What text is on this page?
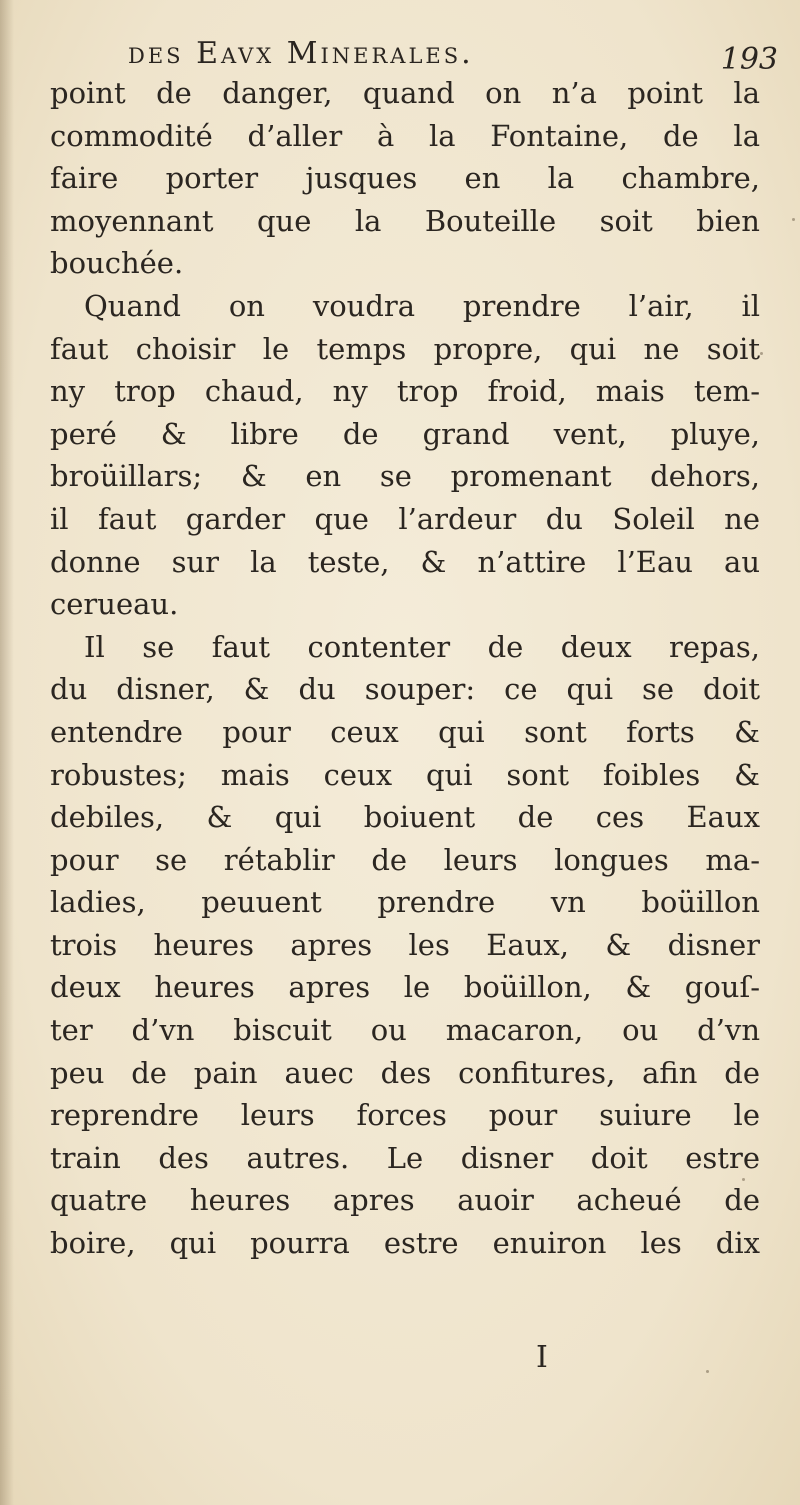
des Eavx Minerales.	193
point de danger, quand on n’a point la
commodité d’aller à la Fontaine, de la
faire porter jusques en la chambre,
moyennant que la Bouteille soit bien
bouchée.
Quand on voudra prendre l’air, il
faut choisir le temps propre, qui ne soit
ny trop chaud, ny trop froid, mais tem-
peré & libre de grand vent, pluye,
broüillars; & en se promenant dehors,
il faut garder que l’ardeur du Soleil ne
donne sur la teste, & n’attire l’Eau au
cerueau.
Il se faut contenter de deux repas,
du disner, & du souper: ce qui se doit
entendre pour ceux qui sont forts &
robustes; mais ceux qui sont foibles &
debiles, & qui boiuent de ces Eaux
pour se rétablir de leurs longues ma-
ladies, peuuent prendre vn boüillon
trois heures apres les Eaux, & disner
deux heures apres le boüillon, & gouſ-
ter d’vn biscuit ou macaron, ou d’vn
peu de pain auec des confitures, afin de
reprendre leurs forces pour suiure le
train des autres. Le disner doit estre
quatre heures apres auoir acheué de
boire, qui pourra estre enuiron les dix
I
